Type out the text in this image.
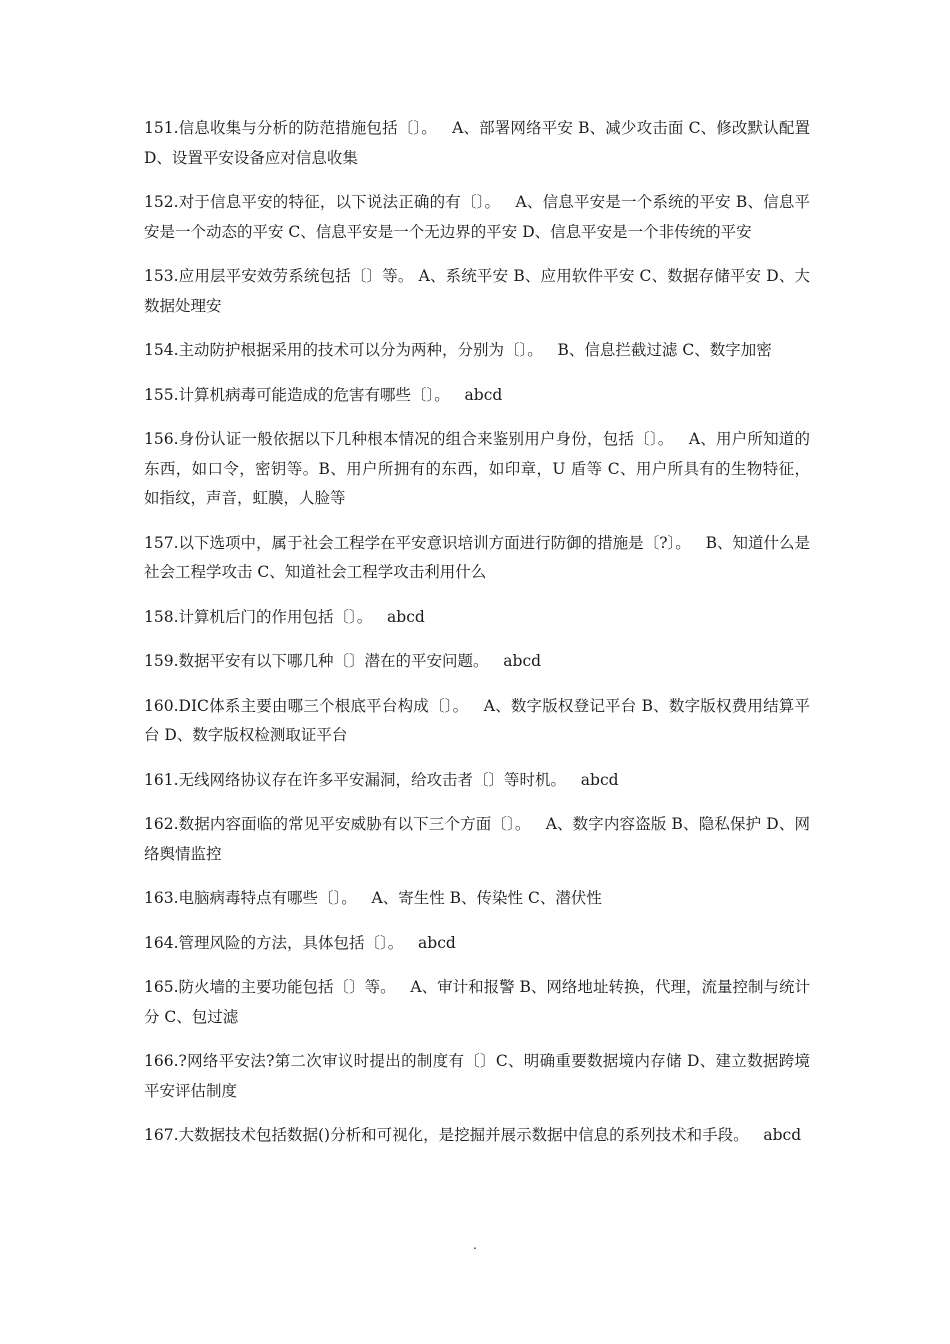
151.信息收集与分析的防范措施包括〔〕。   A、部署网络平安 B、减少攻击面 C、修改默认配置 D、设置平安设备应对信息收集

152.对于信息平安的特征，以下说法正确的有〔〕。   A、信息平安是一个系统的平安 B、信息平安是一个动态的平安 C、信息平安是一个无边界的平安 D、信息平安是一个非传统的平安

153.应用层平安效劳系统包括〔〕等。 A、系统平安 B、应用软件平安 C、数据存储平安 D、大数据处理安

154.主动防护根据采用的技术可以分为两种，分别为〔〕。   B、信息拦截过滤 C、数字加密

155.计算机病毒可能造成的危害有哪些〔〕。   abcd

156.身份认证一般依据以下几种根本情况的组合来鉴别用户身份，包括〔〕。   A、用户所知道的东西，如口令，密钥等。B、用户所拥有的东西，如印章，U 盾等 C、用户所具有的生物特征，如指纹，声音，虹膜，人脸等

157.以下选项中，属于社会工程学在平安意识培训方面进行防御的措施是〔?〕。   B、知道什么是社会工程学攻击 C、知道社会工程学攻击利用什么

158.计算机后门的作用包括〔〕。   abcd

159.数据平安有以下哪几种〔〕潜在的平安问题。   abcd

160.DIC体系主要由哪三个根底平台构成〔〕。   A、数字版权登记平台 B、数字版权费用结算平台 D、数字版权检测取证平台

161.无线网络协议存在许多平安漏洞，给攻击者〔〕等时机。   abcd

162.数据内容面临的常见平安威胁有以下三个方面〔〕。   A、数字内容盗版 B、隐私保护 D、网络舆情监控

163.电脑病毒特点有哪些〔〕。   A、寄生性 B、传染性 C、潜伏性

164.管理风险的方法，具体包括〔〕。   abcd

165.防火墙的主要功能包括〔〕等。   A、审计和报警 B、网络地址转换，代理，流量控制与统计分 C、包过滤

166.?网络平安法?第二次审议时提出的制度有〔〕C、明确重要数据境内存储 D、建立数据跨境平安评估制度

167.大数据技术包括数据()分析和可视化，是挖掘并展示数据中信息的系列技术和手段。   abcd

.
